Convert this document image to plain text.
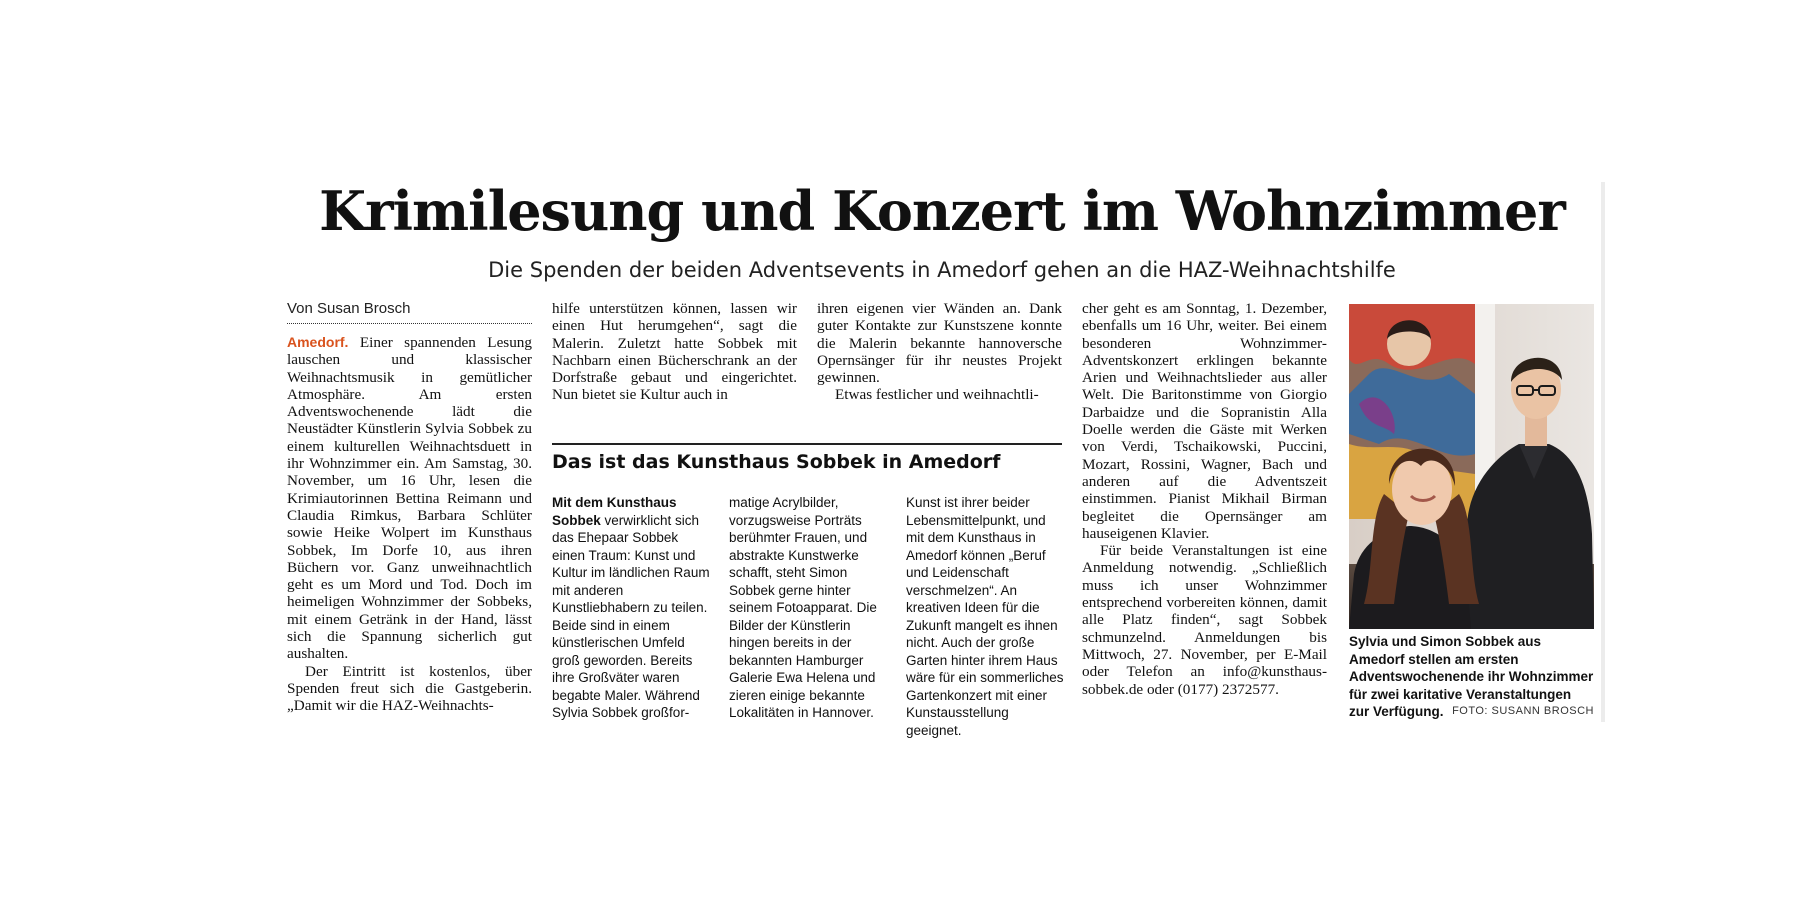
Krimilesung und Konzert im Wohnzimmer
Die Spenden der beiden Adventsevents in Amedorf gehen an die HAZ-Weihnachtshilfe
Von Susan Brosch

Amedorf. Einer spannenden Lesung lauschen und klassischer Weihnachtsmusik in gemütlicher Atmosphäre. Am ersten Adventswochenende lädt die Neustädter Künstlerin Sylvia Sobbek zu einem kulturellen Weihnachtsduett in ihr Wohnzimmer ein. Am Samstag, 30. November, um 16 Uhr, lesen die Krimiautorinnen Bettina Reimann und Claudia Rimkus, Barbara Schlüter sowie Heike Wolpert im Kunsthaus Sobbek, Im Dorfe 10, aus ihren Büchern vor. Ganz unweihnachtlich geht es um Mord und Tod. Doch im heimeligen Wohnzimmer der Sobbeks, mit einem Getränk in der Hand, lässt sich die Spannung sicherlich gut aushalten.

Der Eintritt ist kostenlos, über Spenden freut sich die Gastgeberin. „Damit wir die HAZ-Weihnachts-

hilfe unterstützen können, lassen wir einen Hut herumgehen“, sagt die Malerin. Zuletzt hatte Sobbek mit Nachbarn einen Bücherschrank an der Dorfstraße gebaut und eingerichtet. Nun bietet sie Kultur auch in

ihren eigenen vier Wänden an. Dank guter Kontakte zur Kunstszene konnte die Malerin bekannte hannoversche Opernsänger für ihr neustes Projekt gewinnen.

Etwas festlicher und weihnachtli-

cher geht es am Sonntag, 1. Dezember, ebenfalls um 16 Uhr, weiter. Bei einem besonderen Wohnzimmer-Adventskonzert erklingen bekannte Arien und Weihnachtslieder aus aller Welt. Die Baritonstimme von Giorgio Darbaidze und die Sopranistin Alla Doelle werden die Gäste mit Werken von Verdi, Tschaikowski, Puccini, Mozart, Rossini, Wagner, Bach und anderen auf die Adventszeit einstimmen. Pianist Mikhail Birman begleitet die Opernsänger am hauseigenen Klavier.

Für beide Veranstaltungen ist eine Anmeldung notwendig. „Schließlich muss ich unser Wohnzimmer entsprechend vorbereiten können, damit alle Platz finden“, sagt Sobbek schmunzelnd. Anmeldungen bis Mittwoch, 27. November, per E-Mail oder Telefon an info@kunsthaus-sobbek.de oder (0177) 2372577.

Das ist das Kunsthaus Sobbek in Amedorf
Mit dem Kunsthaus Sobbek verwirklicht sich das Ehepaar Sobbek einen Traum: Kunst und Kultur im ländlichen Raum mit anderen Kunstliebhabern zu teilen. Beide sind in einem künstlerischen Umfeld groß geworden. Bereits ihre Großväter waren begabte Maler. Während Sylvia Sobbek großfor-
matige Acrylbilder, vorzugsweise Porträts berühmter Frauen, und abstrakte Kunstwerke schafft, steht Simon Sobbek gerne hinter seinem Fotoapparat. Die Bilder der Künstlerin hingen bereits in der bekannten Hamburger Galerie Ewa Helena und zieren einige bekannte Lokalitäten in Hannover.
Kunst ist ihrer beider Lebensmittelpunkt, und mit dem Kunsthaus in Amedorf können „Beruf und Leidenschaft verschmelzen“. An kreativen Ideen für die Zukunft mangelt es ihnen nicht. Auch der große Garten hinter ihrem Haus wäre für ein sommerliches Gartenkonzert mit einer Kunstausstellung geeignet.
Sylvia und Simon Sobbek aus Amedorf stellen am ersten Adventswochenende ihr Wohnzimmer für zwei karitative Veranstaltungen zur Verfügung. FOTO: SUSANN BROSCH
